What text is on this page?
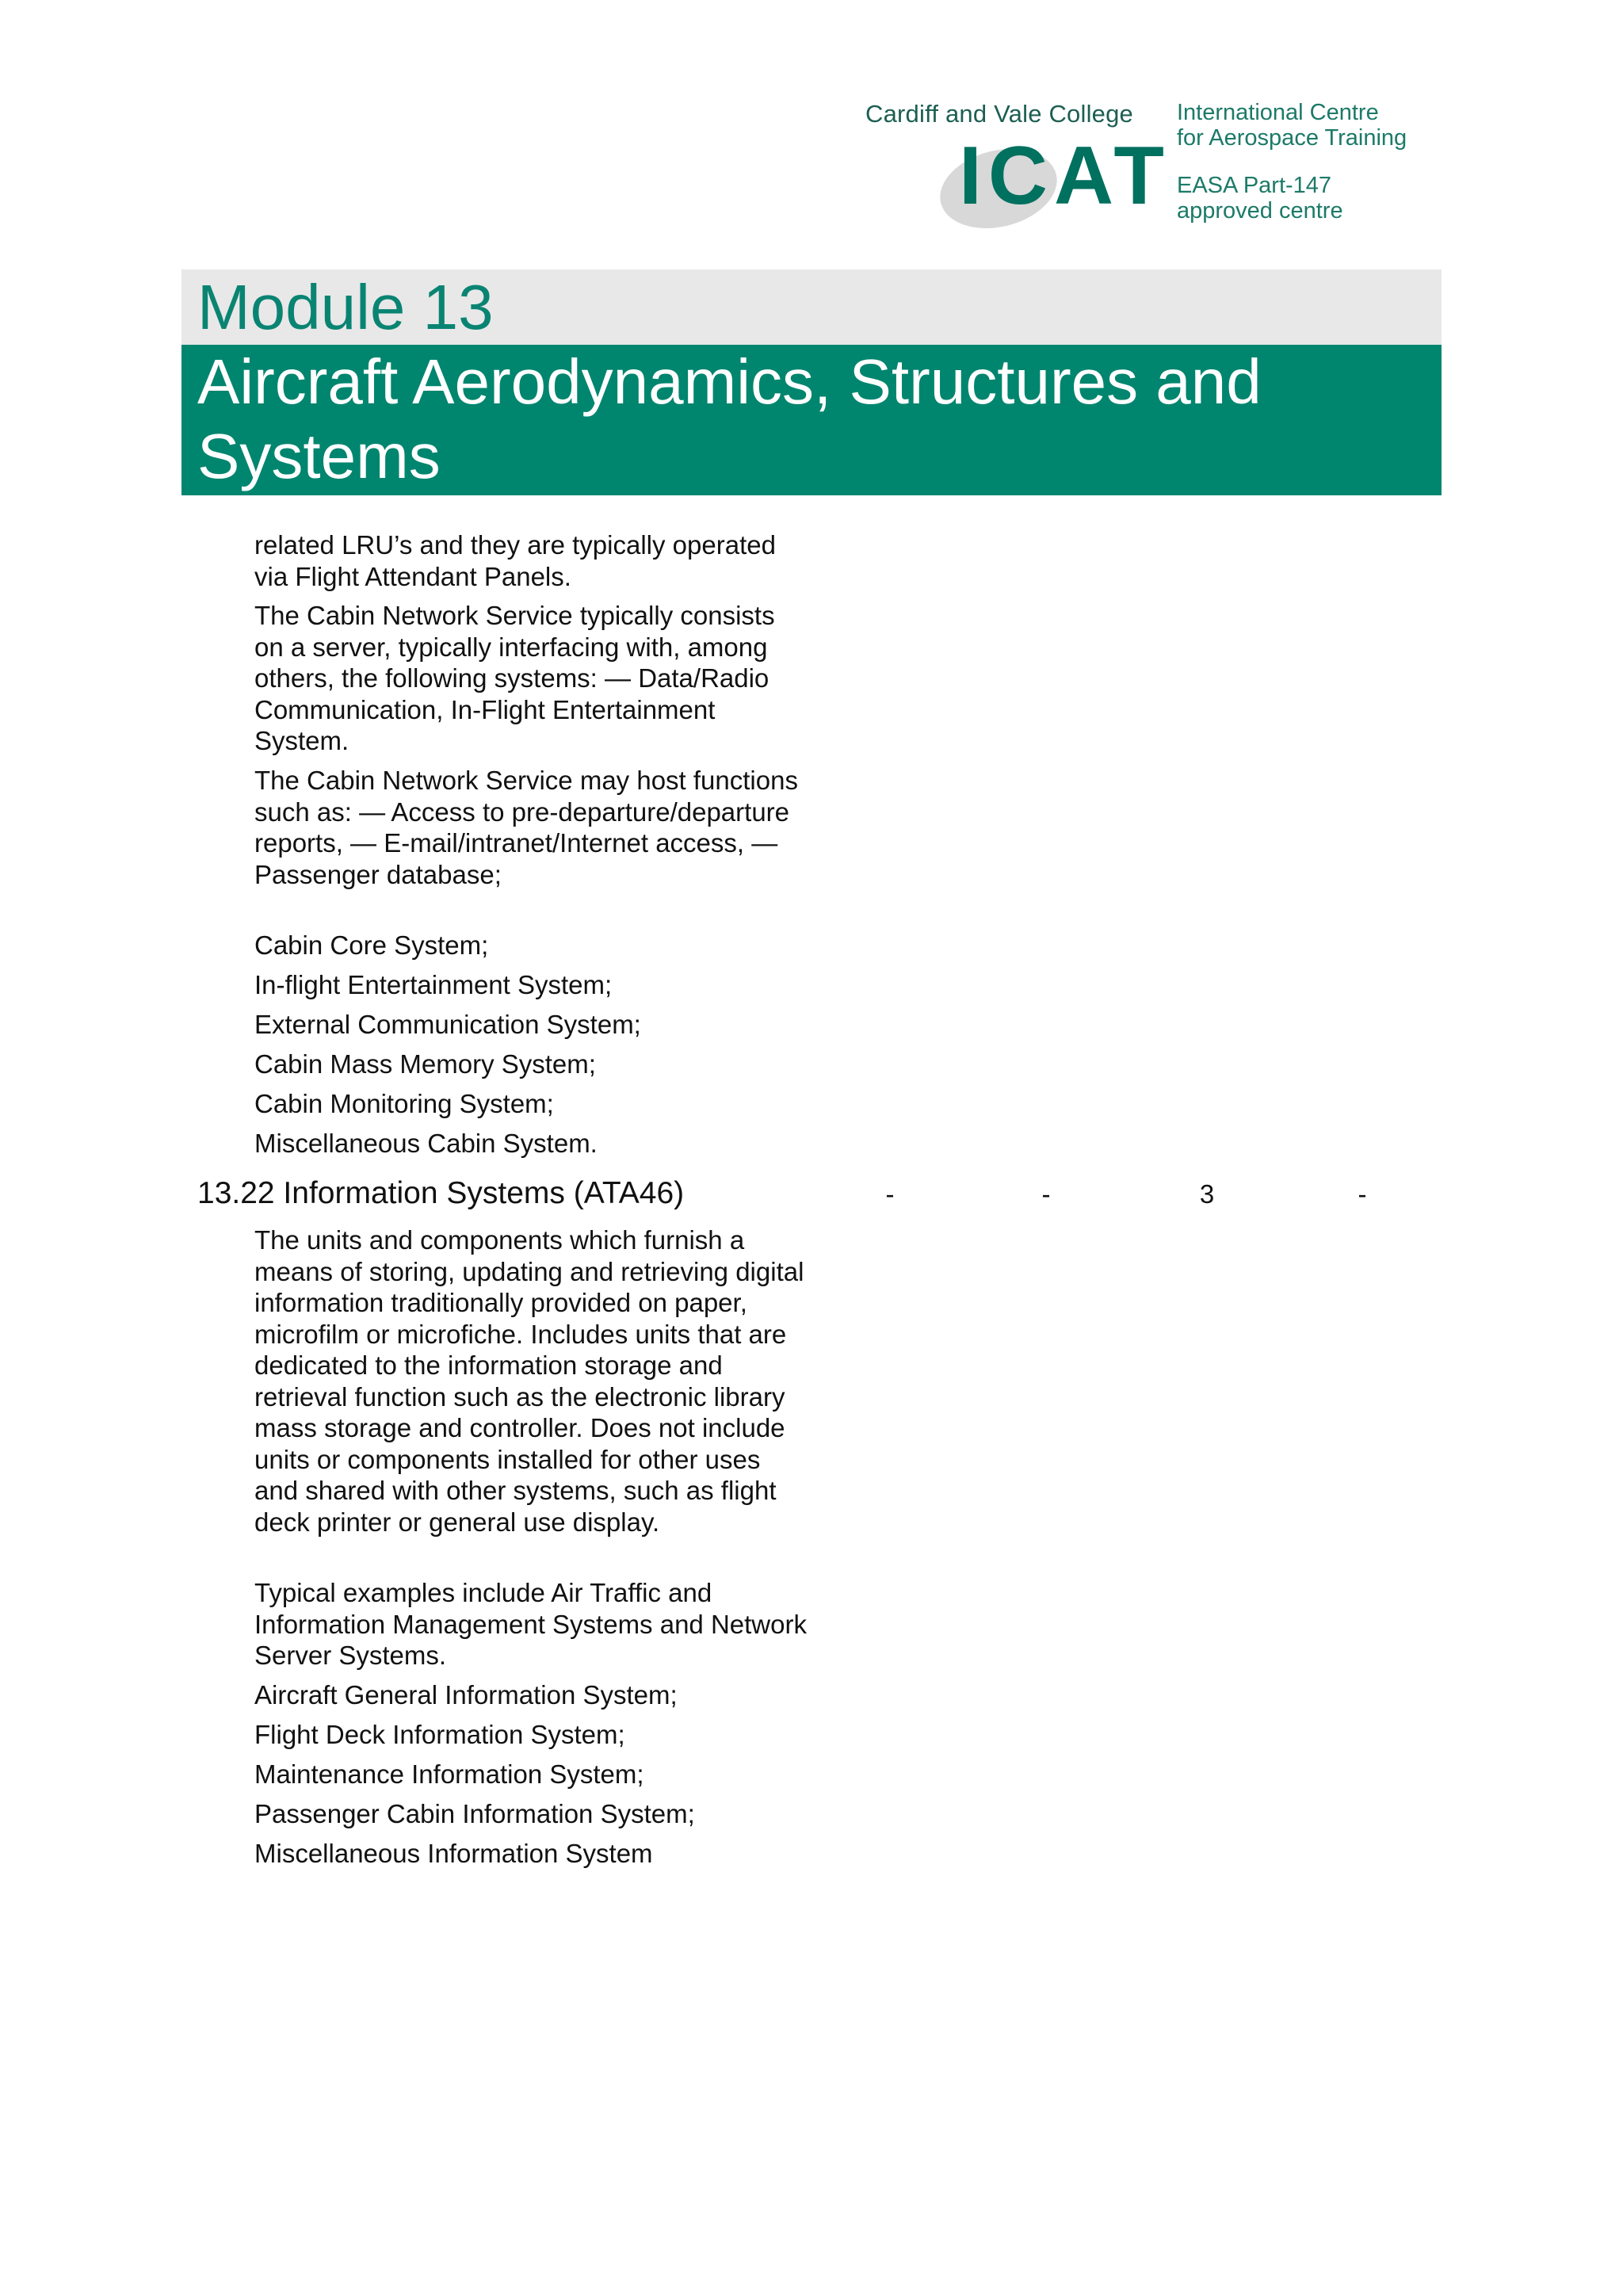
Cardiff and Vale College
ICAT
International Centre
for Aerospace Training
EASA Part-147
approved centre
Module 13
Aircraft Aerodynamics, Structures and Systems
related LRU’s and they are typically operated via Flight Attendant Panels.
The Cabin Network Service typically consists on a server, typically interfacing with, among others, the following systems: — Data/Radio Communication, In-Flight Entertainment System.
The Cabin Network Service may host functions such as: — Access to pre-departure/departure reports, — E-mail/intranet/Internet access, — Passenger database;
Cabin Core System;
In-flight Entertainment System;
External Communication System;
Cabin Mass Memory System;
Cabin Monitoring System;
Miscellaneous Cabin System.
13.22 Information Systems (ATA46)	-	-	3	-
The units and components which furnish a means of storing, updating and retrieving digital information traditionally provided on paper, microfilm or microfiche. Includes units that are dedicated to the information storage and retrieval function such as the electronic library mass storage and controller. Does not include units or components installed for other uses and shared with other systems, such as flight deck printer or general use display.
Typical examples include Air Traffic and Information Management Systems and Network Server Systems.
Aircraft General Information System;
Flight Deck Information System;
Maintenance Information System;
Passenger Cabin Information System;
Miscellaneous Information System
